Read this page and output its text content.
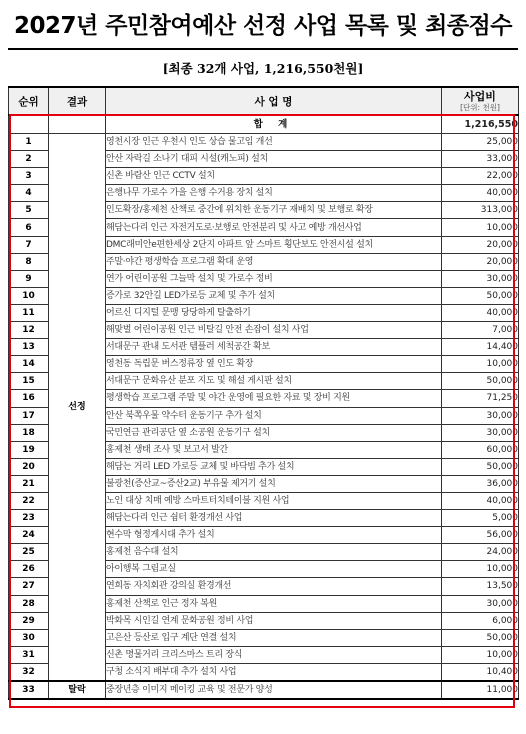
2027년 주민참여예산 선정 사업 목록 및 최종점수
[최종 32개 사업, 1,216,550천원]
순위	결과	사 업 명	사업비
[단위: 천원]

		합 계	1,216,550
1	선정	영천시장 인근 우천시 인도 상습 물고임 개선	25,000
2		안산 자락길 소나기 대피 시설(캐노피) 설치	33,000
3		신촌 바람산 인근 CCTV 설치	22,000
4		은행나무 가로수 가을 은행 수거용 장치 설치	40,000
5		인도확장/홍제천 산책로 중간에 위치한 운동기구 재배치 및 보행로 확장	313,000
6		해담는다리 인근 자전거도로·보행로 안전분리 및 사고 예방 개선사업	10,000
7		DMC래미안e편한세상 2단지 아파트 앞 스마트 횡단보도 안전시설 설치	20,000
8		주말·야간 평생학습 프로그램 확대 운영	20,000
9		연가 어린이공원 그늘막 설치 및 가로수 정비	30,000
10		증가로 32안길 LED가로등 교체 및 추가 설치	50,000
11		어르신 디지털 문맹 당당하게 탈출하기	40,000
12		해맞벌 어린이공원 인근 비탈길 안전 손잡이 설치 사업	7,000
13		서대문구 관내 도서관 템플러 세척공간 확보	14,400
14		영천동 독립문 버스정류장 옆 인도 확장	10,000
15		서대문구 문화유산 분포 지도 및 해설 게시판 설치	50,000
16		평생학습 프로그램 주말 및 야간 운영에 필요한 자료 및 장비 지원	71,250
17		안산 북쪽우물 약수터 운동기구 추가 설치	30,000
18		국민연금 관리공단 옆 소공원 운동기구 설치	30,000
19		홍제천 생태 조사 및 보고서 발간	60,000
20		해담는 거리 LED 가로등 교체 및 바닥빔 추가 설치	50,000
21		불광천(증산교~증산2교) 부유물 제거기 설치	36,000
22		노인 대상 치매 예방 스마트터치테이블 지원 사업	40,000
23		해담는다리 인근 쉼터 환경개선 사업	5,000
24		현수막 형정게시대 추가 설치	56,000
25		홍제천 음수대 설치	24,000
26		아이행복 그림교실	10,000
27		연희동 자치회관 강의실 환경개선	13,500
28		홍제천 산책로 인근 정자 복원	30,000
29		박화목 시인길 연계 문화공원 정비 사업	6,000
30		고은산 등산로 입구 계단 연결 설치	50,000
31		신촌 명물거리 크리스마스 트리 장식	10,000
32		구청 소식지 배부대 추가 설치 사업	10,400
33	탈락	중장년층 이미지 메이킹 교육 및 전문가 양성	11,000
